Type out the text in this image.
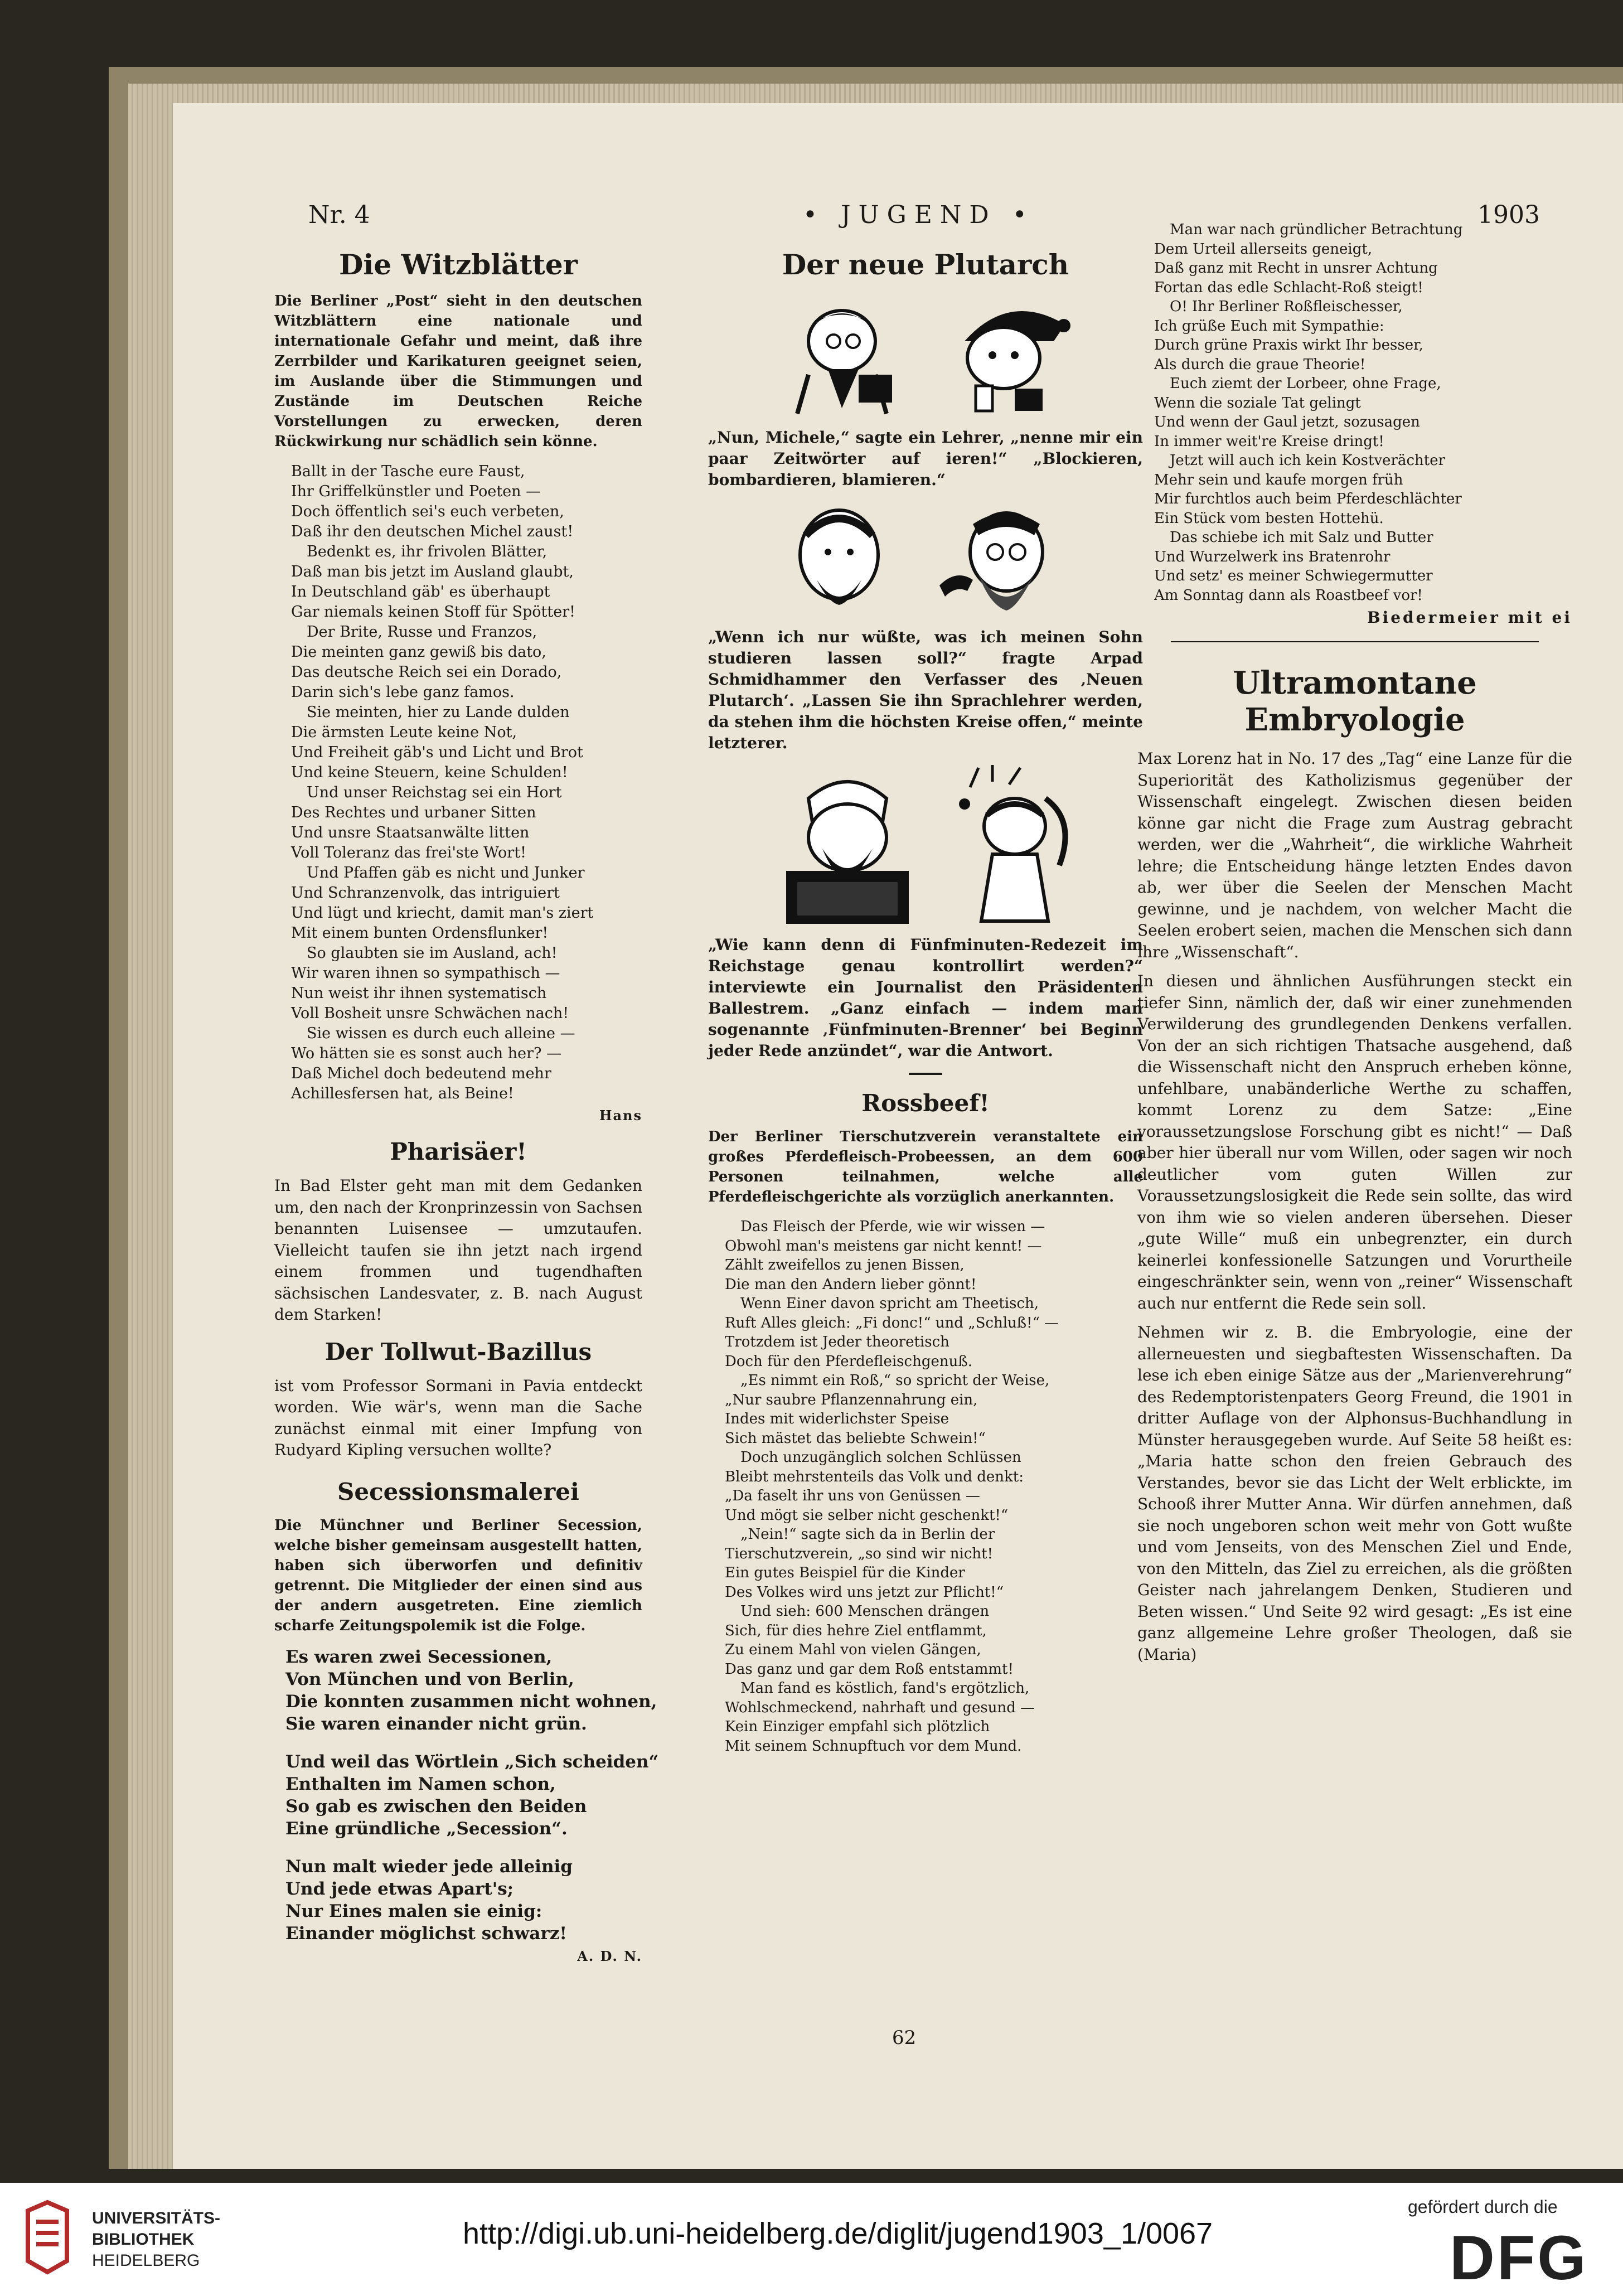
Nr. 4	• JUGEND •	1903
Die Witzblätter

Die Berliner „Post“ sieht in den deutschen Witzblättern eine nationale und internationale Gefahr und meint, daß ihre Zerrbilder und Karikaturen geeignet seien, im Auslande über die Stimmungen und Zustände im Deutschen Reiche Vorstellungen zu erwecken, deren Rückwirkung nur schädlich sein könne.

Ballt in der Tasche eure Faust,
Ihr Griffelkünstler und Poeten —
Doch öffentlich sei's euch verbeten,
Daß ihr den deutschen Michel zaust!
Bedenkt es, ihr frivolen Blätter,
Daß man bis jetzt im Ausland glaubt,
In Deutschland gäb' es überhaupt
Gar niemals keinen Stoff für Spötter!
Der Brite, Russe und Franzos,
Die meinten ganz gewiß bis dato,
Das deutsche Reich sei ein Dorado,
Darin sich's lebe ganz famos.
Sie meinten, hier zu Lande dulden
Die ärmsten Leute keine Not,
Und Freiheit gäb's und Licht und Brot
Und keine Steuern, keine Schulden!
Und unser Reichstag sei ein Hort
Des Rechtes und urbaner Sitten
Und unsre Staatsanwälte litten
Voll Toleranz das frei'ste Wort!
Und Pfaffen gäb es nicht und Junker
Und Schranzenvolk, das intriguiert
Und lügt und kriecht, damit man's ziert
Mit einem bunten Ordensflunker!
So glaubten sie im Ausland, ach!
Wir waren ihnen so sympathisch —
Nun weist ihr ihnen systematisch
Voll Bosheit unsre Schwächen nach!
Sie wissen es durch euch alleine —
Wo hätten sie es sonst auch her? —
Daß Michel doch bedeutend mehr
Achillesfersen hat, als Beine!
Hans
Pharisäer!

In Bad Elster geht man mit dem Gedanken um, den nach der Kronprinzessin von Sachsen benannten Luisensee — umzutaufen. Vielleicht taufen sie ihn jetzt nach irgend einem frommen und tugendhaften sächsischen Landesvater, z. B. nach August dem Starken!

Der Tollwut-Bazillus

ist vom Professor Sormani in Pavia entdeckt worden. Wie wär's, wenn man die Sache zunächst einmal mit einer Impfung von Rudyard Kipling versuchen wollte?

Secessionsmalerei

Die Münchner und Berliner Secession, welche bisher gemeinsam ausgestellt hatten, haben sich überworfen und definitiv getrennt. Die Mitglieder der einen sind aus der andern ausgetreten. Eine ziemlich scharfe Zeitungspolemik ist die Folge.

Es waren zwei Secessionen,
Von München und von Berlin,
Die konnten zusammen nicht wohnen,
Sie waren einander nicht grün.
Und weil das Wörtlein „Sich scheiden“
Enthalten im Namen schon,
So gab es zwischen den Beiden
Eine gründliche „Secession“.
Nun malt wieder jede alleinig
Und jede etwas Apart's;
Nur Eines malen sie einig:
Einander möglichst schwarz!
A. D. N.
Der neue Plutarch

„Nun, Michele,“ sagte ein Lehrer, „nenne mir ein paar Zeitwörter auf ieren!“ „Blockieren, bombardieren, blamieren.“

„Wenn ich nur wüßte, was ich meinen Sohn studieren lassen soll?“ fragte Arpad Schmidhammer den Verfasser des ‚Neuen Plutarch‘. „Lassen Sie ihn Sprachlehrer werden, da stehen ihm die höchsten Kreise offen,“ meinte letzterer.

„Wie kann denn di Fünfminuten-Redezeit im Reichstage genau kontrollirt werden?“ interviewte ein Journalist den Präsidenten Ballestrem. „Ganz einfach — indem man sogenannte ‚Fünfminuten-Brenner‘ bei Beginn jeder Rede anzündet“, war die Antwort.

Rossbeef!

Der Berliner Tierschutzverein veranstaltete ein großes Pferdefleisch-Probeessen, an dem 600 Personen teilnahmen, welche alle Pferdefleischgerichte als vorzüglich anerkannten.

Das Fleisch der Pferde, wie wir wissen —
Obwohl man's meistens gar nicht kennt! —
Zählt zweifellos zu jenen Bissen,
Die man den Andern lieber gönnt!
Wenn Einer davon spricht am Theetisch,
Ruft Alles gleich: „Fi donc!“ und „Schluß!“ —
Trotzdem ist Jeder theoretisch
Doch für den Pferdefleischgenuß.
„Es nimmt ein Roß,“ so spricht der Weise,
„Nur saubre Pflanzennahrung ein,
Indes mit widerlichster Speise
Sich mästet das beliebte Schwein!“
Doch unzugänglich solchen Schlüssen
Bleibt mehrstenteils das Volk und denkt:
„Da faselt ihr uns von Genüssen —
Und mögt sie selber nicht geschenkt!“
„Nein!“ sagte sich da in Berlin der
Tierschutzverein, „so sind wir nicht!
Ein gutes Beispiel für die Kinder
Des Volkes wird uns jetzt zur Pflicht!“
Und sieh: 600 Menschen drängen
Sich, für dies hehre Ziel entflammt,
Zu einem Mahl von vielen Gängen,
Das ganz und gar dem Roß entstammt!
Man fand es köstlich, fand's ergötzlich,
Wohlschmeckend, nahrhaft und gesund —
Kein Einziger empfahl sich plötzlich
Mit seinem Schnupftuch vor dem Mund.
Man war nach gründlicher Betrachtung
Dem Urteil allerseits geneigt,
Daß ganz mit Recht in unsrer Achtung
Fortan das edle Schlacht-Roß steigt!
O! Ihr Berliner Roßfleischesser,
Ich grüße Euch mit Sympathie:
Durch grüne Praxis wirkt Ihr besser,
Als durch die graue Theorie!
Euch ziemt der Lorbeer, ohne Frage,
Wenn die soziale Tat gelingt
Und wenn der Gaul jetzt, sozusagen
In immer weit're Kreise dringt!
Jetzt will auch ich kein Kostverächter
Mehr sein und kaufe morgen früh
Mir furchtlos auch beim Pferdeschlächter
Ein Stück vom besten Hottehü.
Das schiebe ich mit Salz und Butter
Und Wurzelwerk ins Bratenrohr
Und setz' es meiner Schwiegermutter
Am Sonntag dann als Roastbeef vor!
Biedermeier mit ei
Ultramontane Embryologie

Max Lorenz hat in No. 17 des „Tag“ eine Lanze für die Superiorität des Katholizismus gegenüber der Wissenschaft eingelegt. Zwischen diesen beiden könne gar nicht die Frage zum Austrag gebracht werden, wer die „Wahrheit“, die wirkliche Wahrheit lehre; die Entscheidung hänge letzten Endes davon ab, wer über die Seelen der Menschen Macht gewinne, und je nachdem, von welcher Macht die Seelen erobert seien, machen die Menschen sich dann ihre „Wissenschaft“.

In diesen und ähnlichen Ausführungen steckt ein tiefer Sinn, nämlich der, daß wir einer zunehmenden Verwilderung des grundlegenden Denkens verfallen. Von der an sich richtigen Thatsache ausgehend, daß die Wissenschaft nicht den Anspruch erheben könne, unfehlbare, unabänderliche Werthe zu schaffen, kommt Lorenz zu dem Satze: „Eine voraussetzungslose Forschung gibt es nicht!“ — Daß aber hier überall nur vom Willen, oder sagen wir noch deutlicher vom guten Willen zur Voraussetzungslosigkeit die Rede sein sollte, das wird von ihm wie so vielen anderen übersehen. Dieser „gute Wille“ muß ein unbegrenzter, ein durch keinerlei konfessionelle Satzungen und Vorurtheile eingeschränkter sein, wenn von „reiner“ Wissenschaft auch nur entfernt die Rede sein soll.

Nehmen wir z. B. die Embryologie, eine der allerneuesten und siegbaftesten Wissenschaften. Da lese ich eben einige Sätze aus der „Marienverehrung“ des Redemptoristenpaters Georg Freund, die 1901 in dritter Auflage von der Alphonsus-Buchhandlung in Münster herausgegeben wurde. Auf Seite 58 heißt es: „Maria hatte schon den freien Gebrauch des Verstandes, bevor sie das Licht der Welt erblickte, im Schooß ihrer Mutter Anna. Wir dürfen annehmen, daß sie noch ungeboren schon weit mehr von Gott wußte und vom Jenseits, von des Menschen Ziel und Ende, von den Mitteln, das Ziel zu erreichen, als die größten Geister nach jahrelangem Denken, Studieren und Beten wissen.“ Und Seite 92 wird gesagt: „Es ist eine ganz allgemeine Lehre großer Theologen, daß sie (Maria)

62
UNIVERSITÄTS-
BIBLIOTHEK
HEIDELBERG
http://digi.ub.uni-heidelberg.de/diglit/jugend1903_1/0067
gefördert durch die
DFG
